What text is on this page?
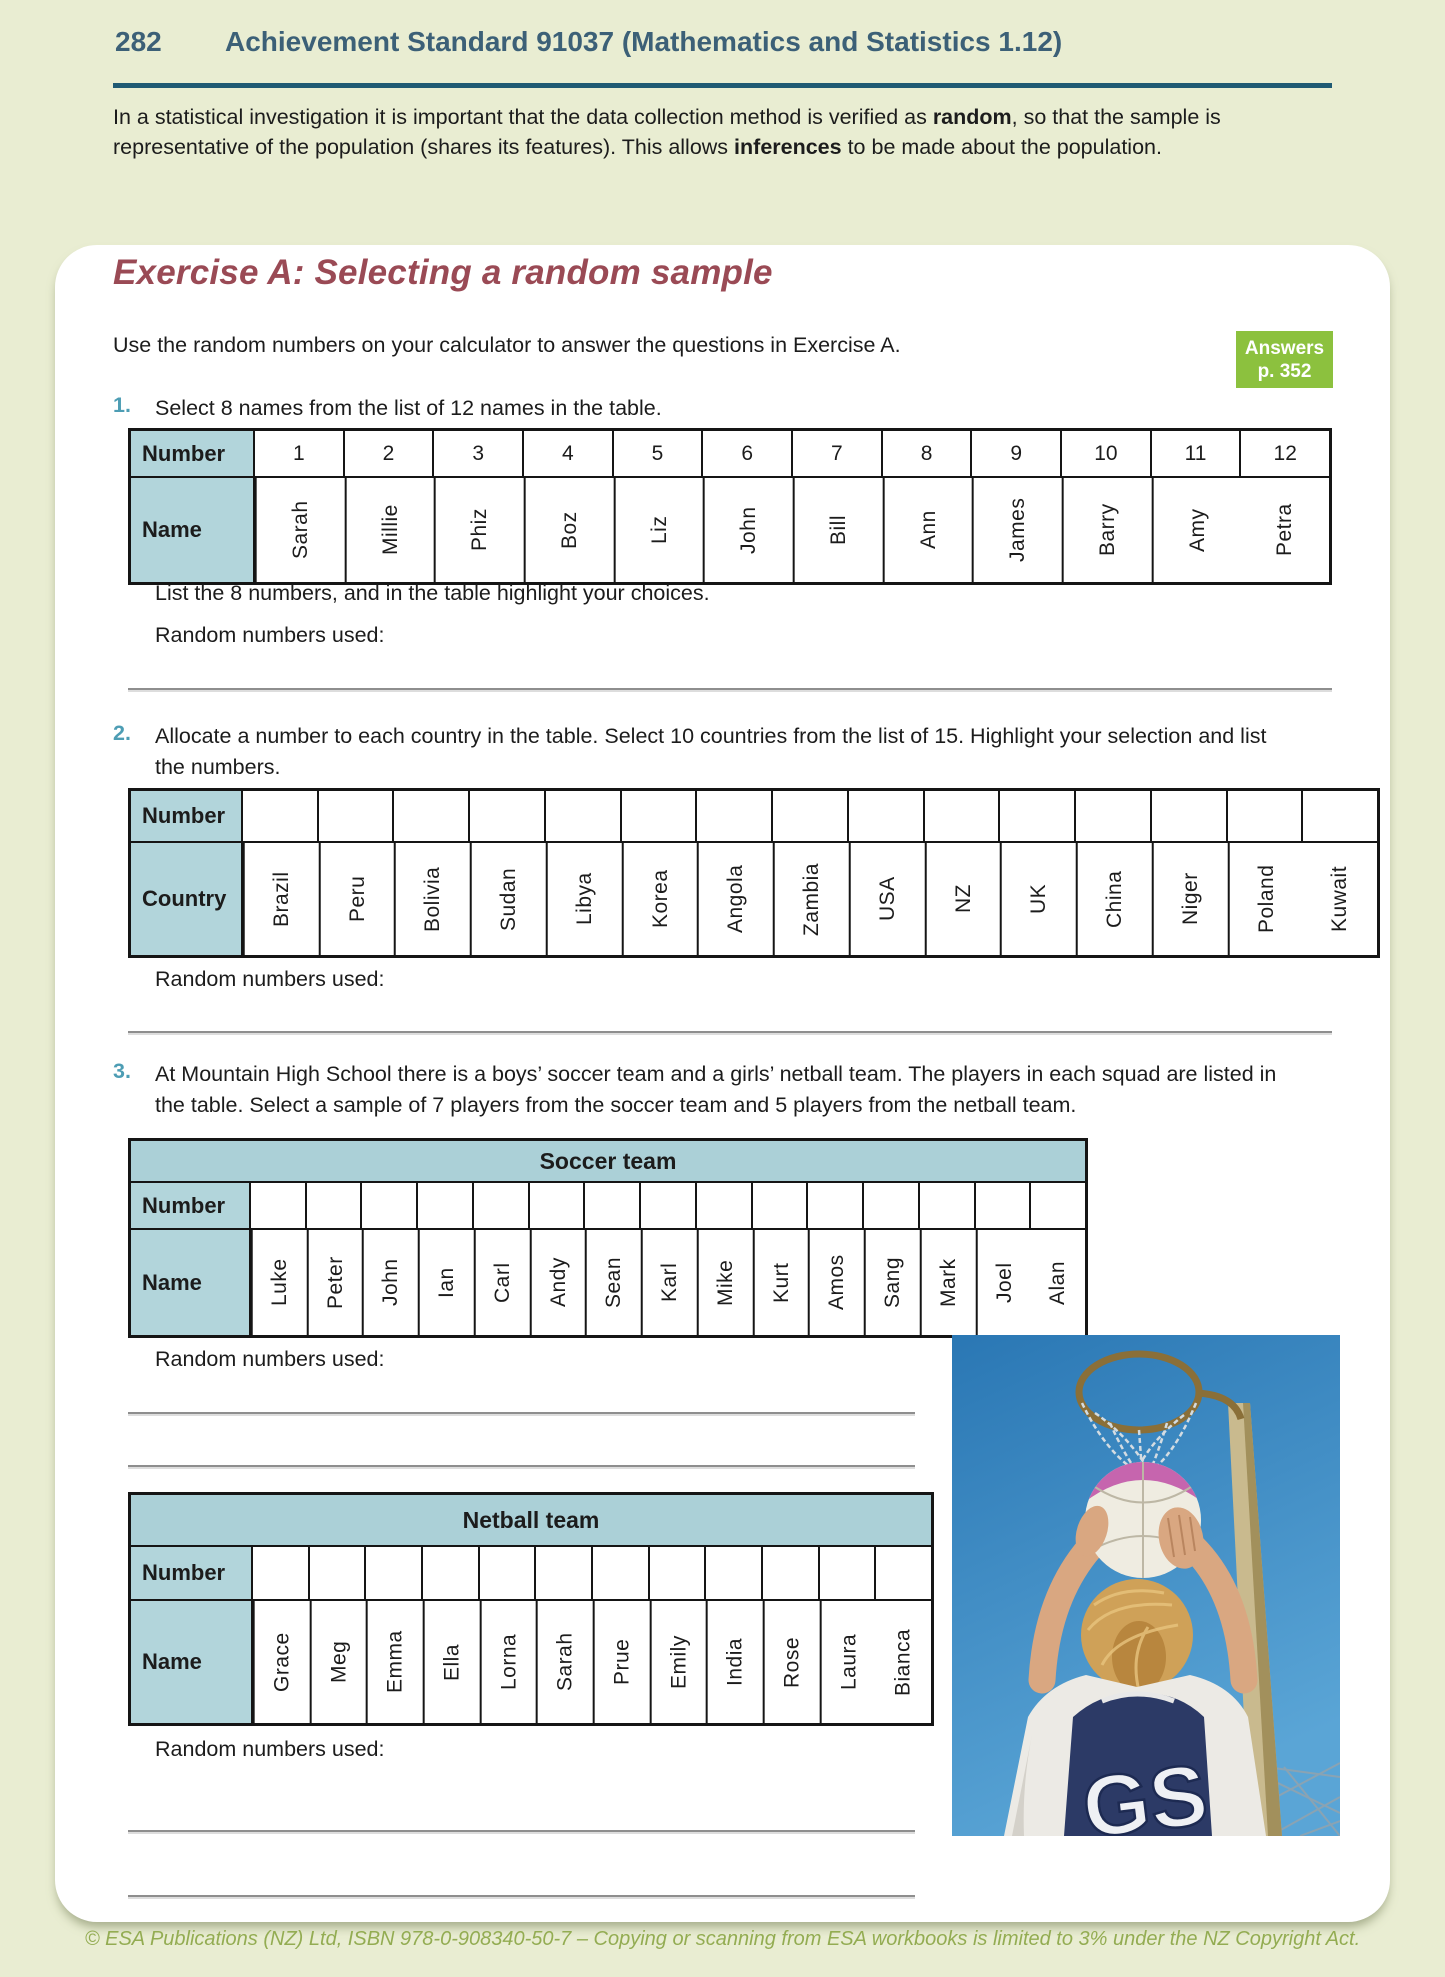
282 Achievement Standard 91037 (Mathematics and Statistics 1.12)

In a statistical investigation it is important that the data collection method is verified as random, so that the sample is representative of the population (shares its features). This allows inferences to be made about the population.

Exercise A: Selecting a random sample
Answers
p. 352

Use the random numbers on your calculator to answer the questions in Exercise A.

1.	Select 8 names from the list of 12 names in the table.
Number	1	2	3	4	5	6	7	8	9	10	11	12
Name	Sarah	Millie	Phiz	Boz	Liz	John	Bill	Ann	James	Barry	Amy	Petra
List the 8 numbers, and in the table highlight your choices.
Random numbers used:
2.	Allocate a number to each country in the table. Select 10 countries from the list of 15. Highlight your selection and list the numbers.
Number
Country	Brazil	Peru	Bolivia	Sudan	Libya	Korea	Angola	Zambia	USA	NZ	UK	China	Niger	Poland	Kuwait
Random numbers used:
3.	At Mountain High School there is a boys’ soccer team and a girls’ netball team. The players in each squad are listed in the table. Select a sample of 7 players from the soccer team and 5 players from the netball team.
Soccer team
Number
Name	Luke	Peter	John	Ian	Carl	Andy	Sean	Karl	Mike	Kurt	Amos	Sang	Mark	Joel	Alan
Random numbers used:
Netball team
Number
Name	Grace	Meg	Emma	Ella	Lorna	Sarah	Prue	Emily	India	Rose	Laura	Bianca
Random numbers used:	GS
© ESA Publications (NZ) Ltd, ISBN 978-0-908340-50-7 – Copying or scanning from ESA workbooks is limited to 3% under the NZ Copyright Act.
